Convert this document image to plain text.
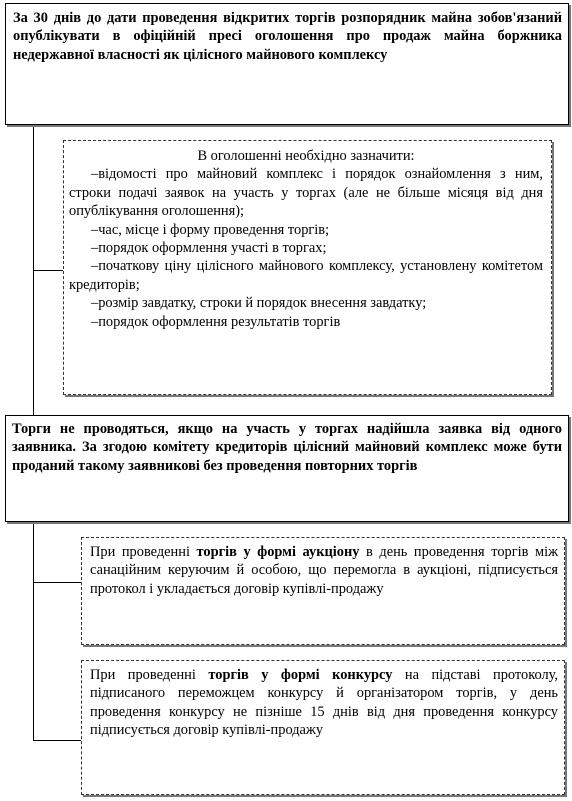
За 30 днів до дати проведення відкритих торгів розпорядник майна зобов'язаний опублікувати в офіційній пресі оголошення про продаж майна боржника недержавної власності як цілісного майнового комплексу
В оголошенні необхідно зазначити:
–відомості про майновий комплекс і порядок ознайомлення з ним, строки подачі заявок на участь у торгах (але не більше місяця від дня опублікування оголошення);
–час, місце і форму проведення торгів;
–порядок оформлення участі в торгах;
–початкову ціну цілісного майнового комплексу, установлену комітетом кредиторів;
–розмір завдатку, строки й порядок внесення завдатку;
–порядок оформлення результатів торгів
Торги не проводяться, якщо на участь у торгах надійшла заявка від одного заявника. За згодою комітету кредиторів цілісний майновий комплекс може бути проданий такому заявникові без проведення повторних торгів
При проведенні торгів у формі аукціону в день проведення торгів між санаційним керуючим й особою, що перемогла в аукціоні, підписується протокол і укладається договір купівлі-продажу
При проведенні торгів у формі конкурсу на підставі протоколу, підписаного переможцем конкурсу й організатором торгів, у день проведення конкурсу не пізніше 15 днів від дня проведення конкурсу підписується договір купівлі-продажу
